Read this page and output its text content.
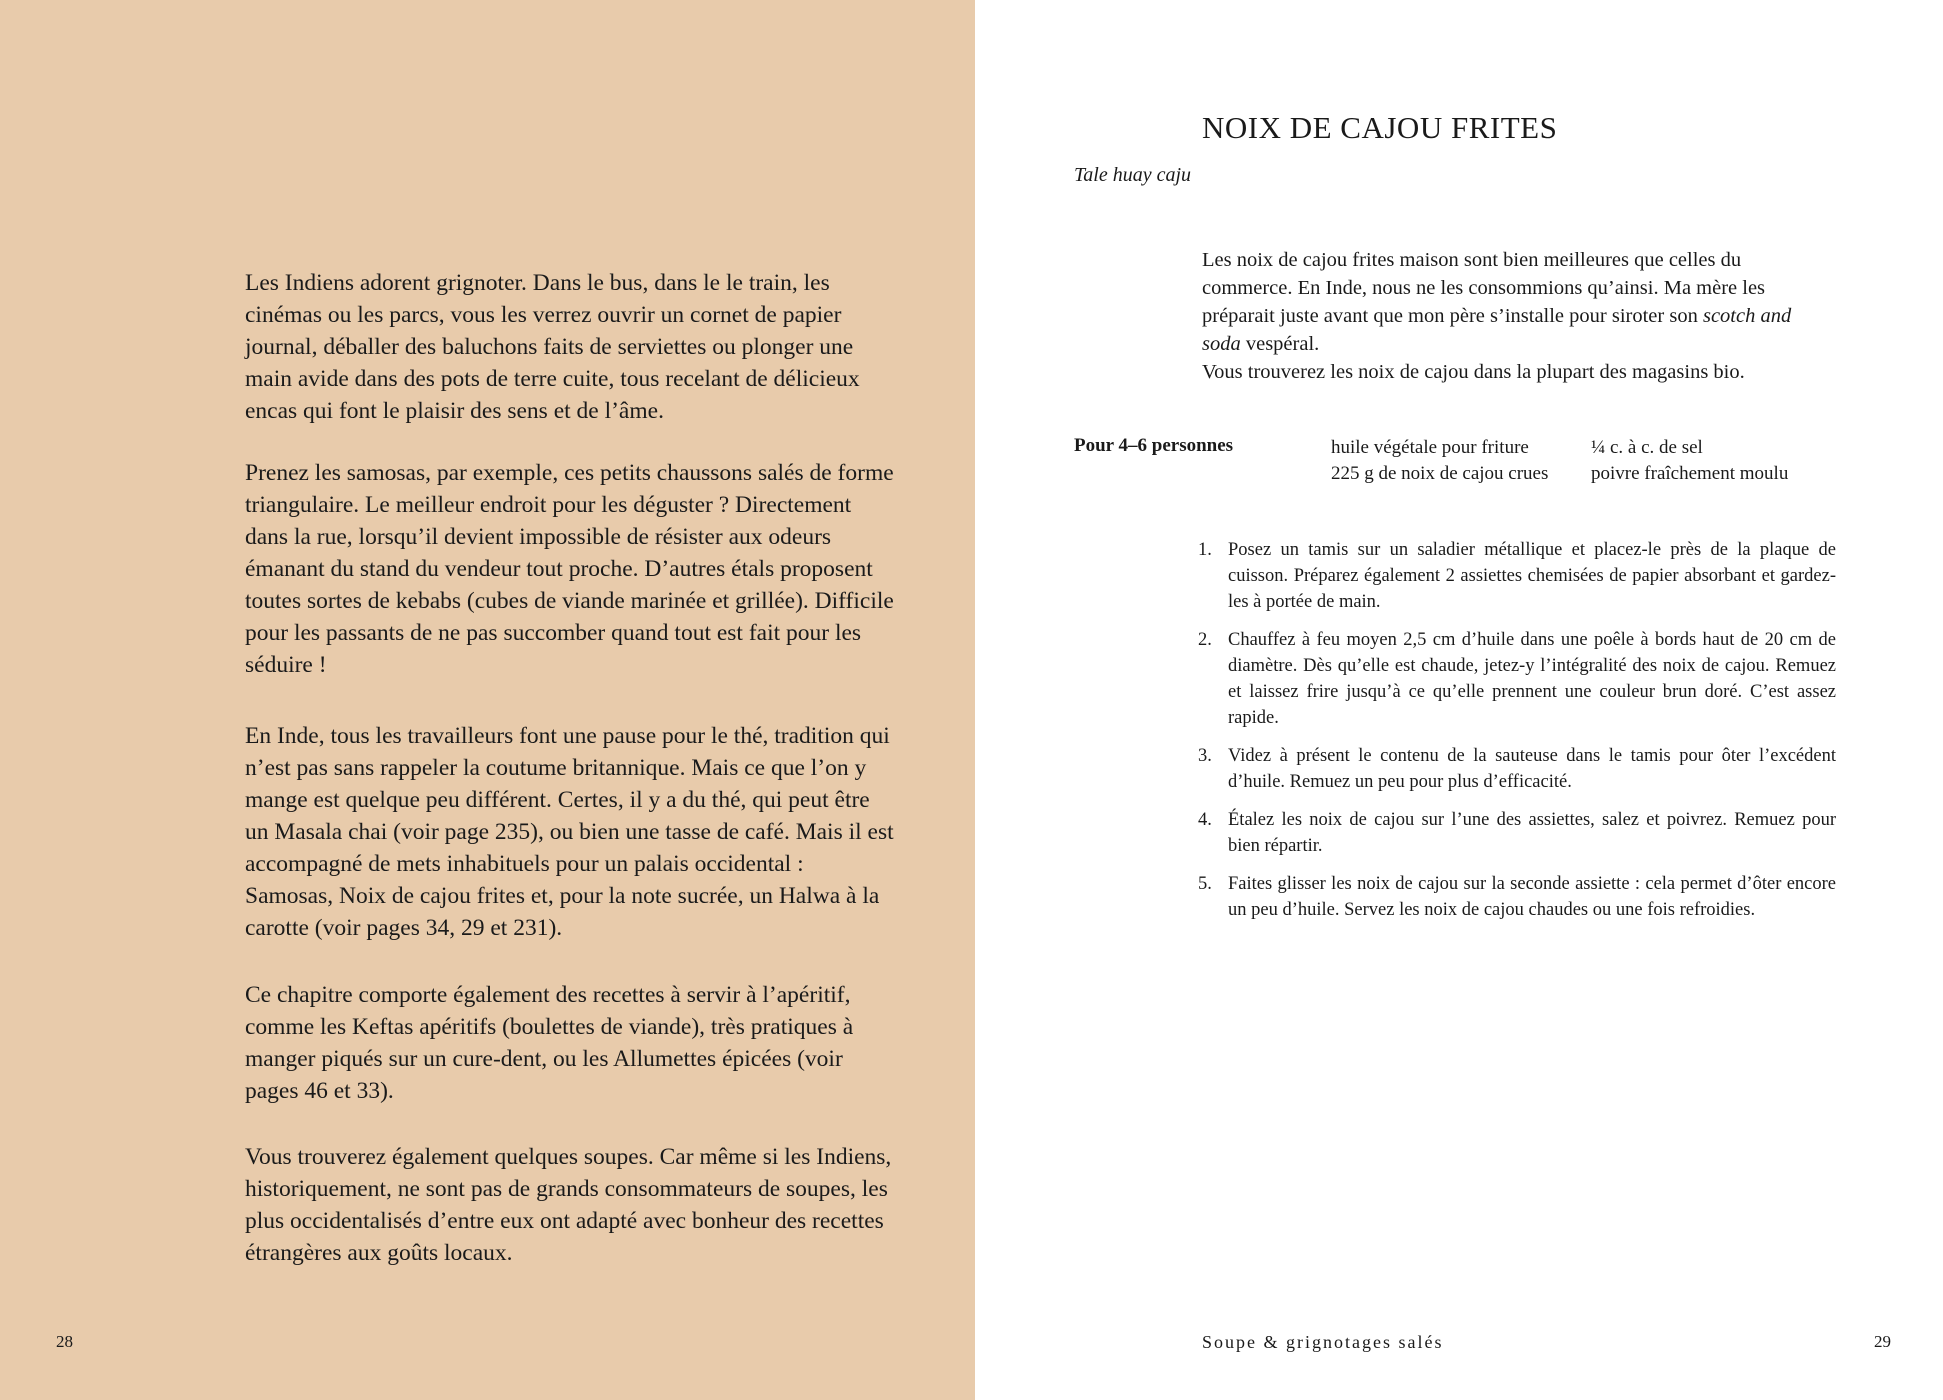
Les Indiens adorent grignoter. Dans le bus, dans le le train, les cinémas ou les parcs, vous les verrez ouvrir un cornet de papier journal, déballer des baluchons faits de serviettes ou plonger une main avide dans des pots de terre cuite, tous recelant de délicieux encas qui font le plaisir des sens et de l’âme.

Prenez les samosas, par exemple, ces petits chaussons salés de forme triangulaire. Le meilleur endroit pour les déguster ? Directement dans la rue, lorsqu’il devient impossible de résister aux odeurs émanant du stand du vendeur tout proche. D’autres étals proposent toutes sortes de kebabs (cubes de viande marinée et grillée). Difficile pour les passants de ne pas succomber quand tout est fait pour les séduire !

En Inde, tous les travailleurs font une pause pour le thé, tradition qui n’est pas sans rappeler la coutume britannique. Mais ce que l’on y mange est quelque peu différent. Certes, il y a du thé, qui peut être un Masala chai (voir page 235), ou bien une tasse de café. Mais il est accompagné de mets inhabituels pour un palais occidental : Samosas, Noix de cajou frites et, pour la note sucrée, un Halwa à la carotte (voir pages 34, 29 et 231).

Ce chapitre comporte également des recettes à servir à l’apéritif, comme les Keftas apéritifs (boulettes de viande), très pratiques à manger piqués sur un cure-dent, ou les Allumettes épicées (voir pages 46 et 33).

Vous trouverez également quelques soupes. Car même si les Indiens, historiquement, ne sont pas de grands consommateurs de soupes, les plus occidentalisés d’entre eux ont adapté avec bonheur des recettes étrangères aux goûts locaux.

28
NOIX DE CAJOU FRITES
Tale huay caju

Les noix de cajou frites maison sont bien meilleures que celles du commerce. En Inde, nous ne les consommions qu’ainsi. Ma mère les préparait juste avant que mon père s’installe pour siroter son scotch and soda vespéral.
Vous trouverez les noix de cajou dans la plupart des magasins bio.

Pour 4–6 personnes	huile végétale pour friture
225 g de noix de cajou crues
¼ c. à c. de sel
poivre fraîchement moulu
1. Posez un tamis sur un saladier métallique et placez-le près de la plaque de cuisson. Préparez également 2 assiettes chemisées de papier absorbant et gardez-les à portée de main.
2. Chauffez à feu moyen 2,5 cm d’huile dans une poêle à bords haut de 20 cm de diamètre. Dès qu’elle est chaude, jetez-y l’intégralité des noix de cajou. Remuez et laissez frire jusqu’à ce qu’elle prennent une couleur brun doré. C’est assez rapide.
3. Videz à présent le contenu de la sauteuse dans le tamis pour ôter l’excédent d’huile. Remuez un peu pour plus d’efficacité.
4. Étalez les noix de cajou sur l’une des assiettes, salez et poivrez. Remuez pour bien répartir.
5. Faites glisser les noix de cajou sur la seconde assiette : cela permet d’ôter encore un peu d’huile. Servez les noix de cajou chaudes ou une fois refroidies.
Soupe & grignotages salés	29
